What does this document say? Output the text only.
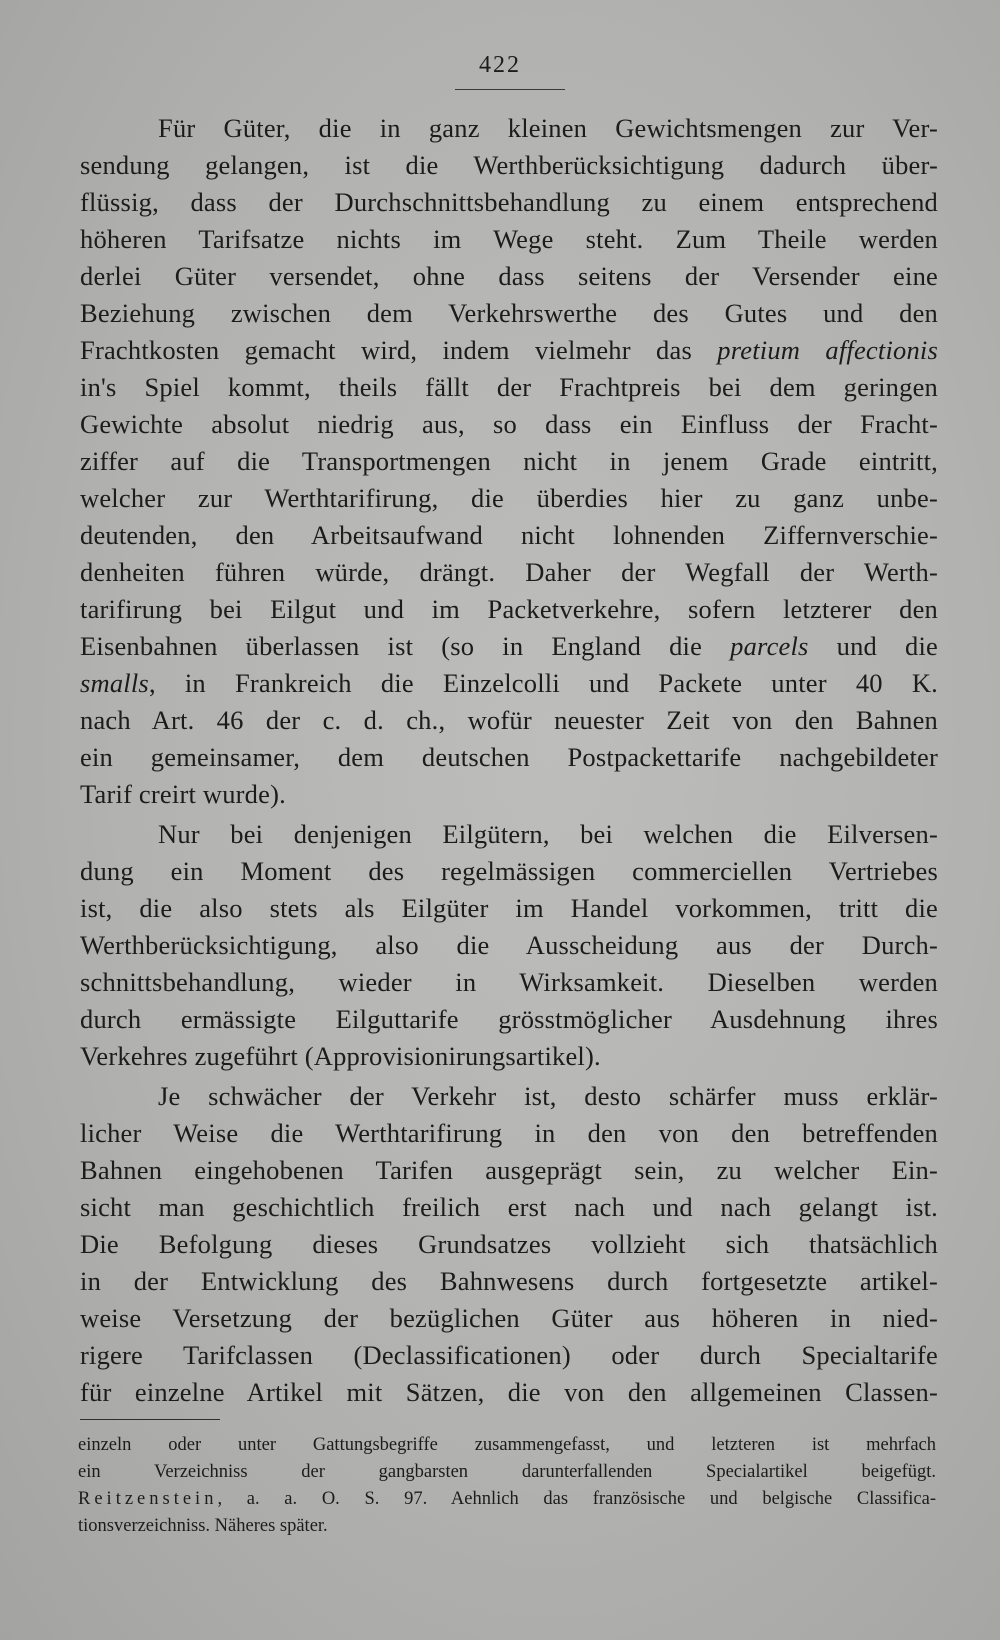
422
Für Güter, die in ganz kleinen Gewichtsmengen zur Ver-
sendung gelangen, ist die Werthberücksichtigung dadurch über-
flüssig, dass der Durchschnittsbehandlung zu einem entsprechend
höheren Tarifsatze nichts im Wege steht. Zum Theile werden
derlei Güter versendet, ohne dass seitens der Versender eine
Beziehung zwischen dem Verkehrswerthe des Gutes und den
Frachtkosten gemacht wird, indem vielmehr das pretium affectionis
in's Spiel kommt, theils fällt der Frachtpreis bei dem geringen
Gewichte absolut niedrig aus, so dass ein Einfluss der Fracht-
ziffer auf die Transportmengen nicht in jenem Grade eintritt,
welcher zur Werthtarifirung, die überdies hier zu ganz unbe-
deutenden, den Arbeitsaufwand nicht lohnenden Ziffernverschie-
denheiten führen würde, drängt. Daher der Wegfall der Werth-
tarifirung bei Eilgut und im Packetverkehre, sofern letzterer den
Eisenbahnen überlassen ist (so in England die parcels und die
smalls, in Frankreich die Einzelcolli und Packete unter 40 K.
nach Art. 46 der c. d. ch., wofür neuester Zeit von den Bahnen
ein gemeinsamer, dem deutschen Postpackettarife nachgebildeter
Tarif creirt wurde).
Nur bei denjenigen Eilgütern, bei welchen die Eilversen-
dung ein Moment des regelmässigen commerciellen Vertriebes
ist, die also stets als Eilgüter im Handel vorkommen, tritt die
Werthberücksichtigung, also die Ausscheidung aus der Durch-
schnittsbehandlung, wieder in Wirksamkeit. Dieselben werden
durch ermässigte Eilguttarife grösstmöglicher Ausdehnung ihres
Verkehres zugeführt (Approvisionirungsartikel).
Je schwächer der Verkehr ist, desto schärfer muss erklär-
licher Weise die Werthtarifirung in den von den betreffenden
Bahnen eingehobenen Tarifen ausgeprägt sein, zu welcher Ein-
sicht man geschichtlich freilich erst nach und nach gelangt ist.
Die Befolgung dieses Grundsatzes vollzieht sich thatsächlich
in der Entwicklung des Bahnwesens durch fortgesetzte artikel-
weise Versetzung der bezüglichen Güter aus höheren in nied-
rigere Tarifclassen (Declassificationen) oder durch Specialtarife
für einzelne Artikel mit Sätzen, die von den allgemeinen Classen-
einzeln oder unter Gattungsbegriffe zusammengefasst, und letzteren ist mehrfach
ein Verzeichniss der gangbarsten darunterfallenden Specialartikel beigefügt.
Reitzenstein, a. a. O. S. 97. Aehnlich das französische und belgische Classifica-
tionsverzeichniss. Näheres später.
